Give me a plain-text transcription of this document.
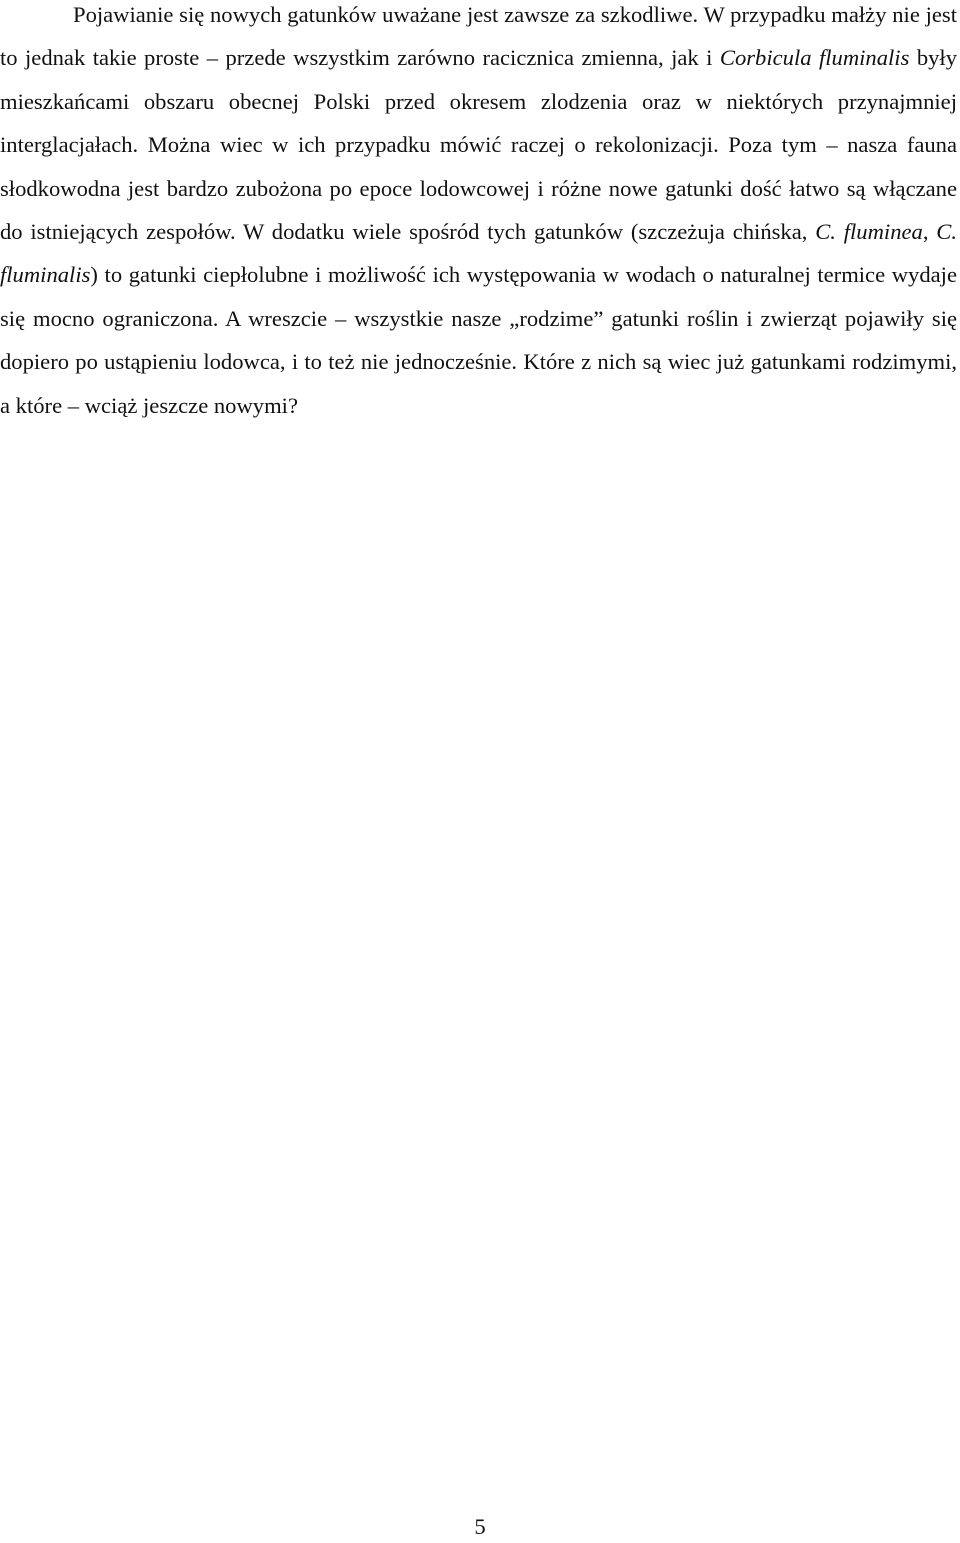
Pojawianie się nowych gatunków uważane jest zawsze za szkodliwe. W przypadku małży nie jest to jednak takie proste – przede wszystkim zarówno racicznica zmienna, jak i Corbicula fluminalis były mieszkańcami obszaru obecnej Polski przed okresem zlodzenia oraz w niektórych przynajmniej interglacjałach. Można wiec w ich przypadku mówić raczej o rekolonizacji. Poza tym – nasza fauna słodkowodna jest bardzo zubożona po epoce lodowcowej i różne nowe gatunki dość łatwo są włączane do istniejących zespołów. W dodatku wiele spośród tych gatunków (szczeżuja chińska, C. fluminea, C. fluminalis) to gatunki ciepłolubne i możliwość ich występowania w wodach o naturalnej termice wydaje się mocno ograniczona. A wreszcie – wszystkie nasze „rodzime” gatunki roślin i zwierząt pojawiły się dopiero po ustąpieniu lodowca, i to też nie jednocześnie. Które z nich są wiec już gatunkami rodzimymi, a które – wciąż jeszcze nowymi?

5
